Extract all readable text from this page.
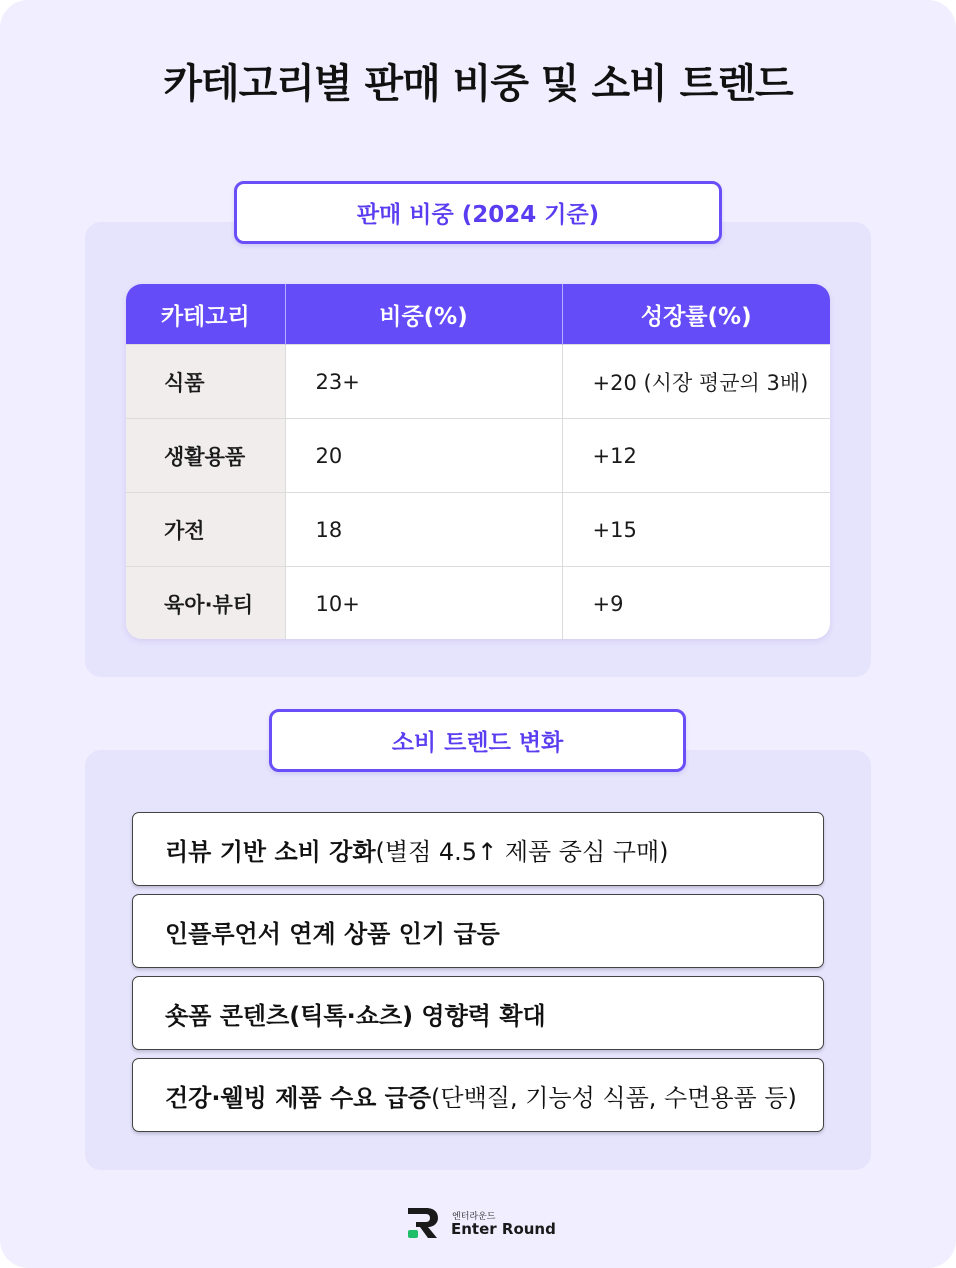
카테고리별 판매 비중 및 소비 트렌드
판매 비중 (2024 기준)
카테고리	비중(%)	성장률(%)
식품	23+	+20 (시장 평균의 3배)
생활용품	20	+12
가전	18	+15
육아·뷰티	10+	+9
소비 트렌드 변화
리뷰 기반 소비 강화 (별점 4.5↑ 제품 중심 구매)
인플루언서 연계 상품 인기 급등
숏폼 콘텐츠(틱톡·쇼츠) 영향력 확대
건강·웰빙 제품 수요 급증 (단백질, 기능성 식품, 수면용품 등)
엔터라운드
Enter Round
